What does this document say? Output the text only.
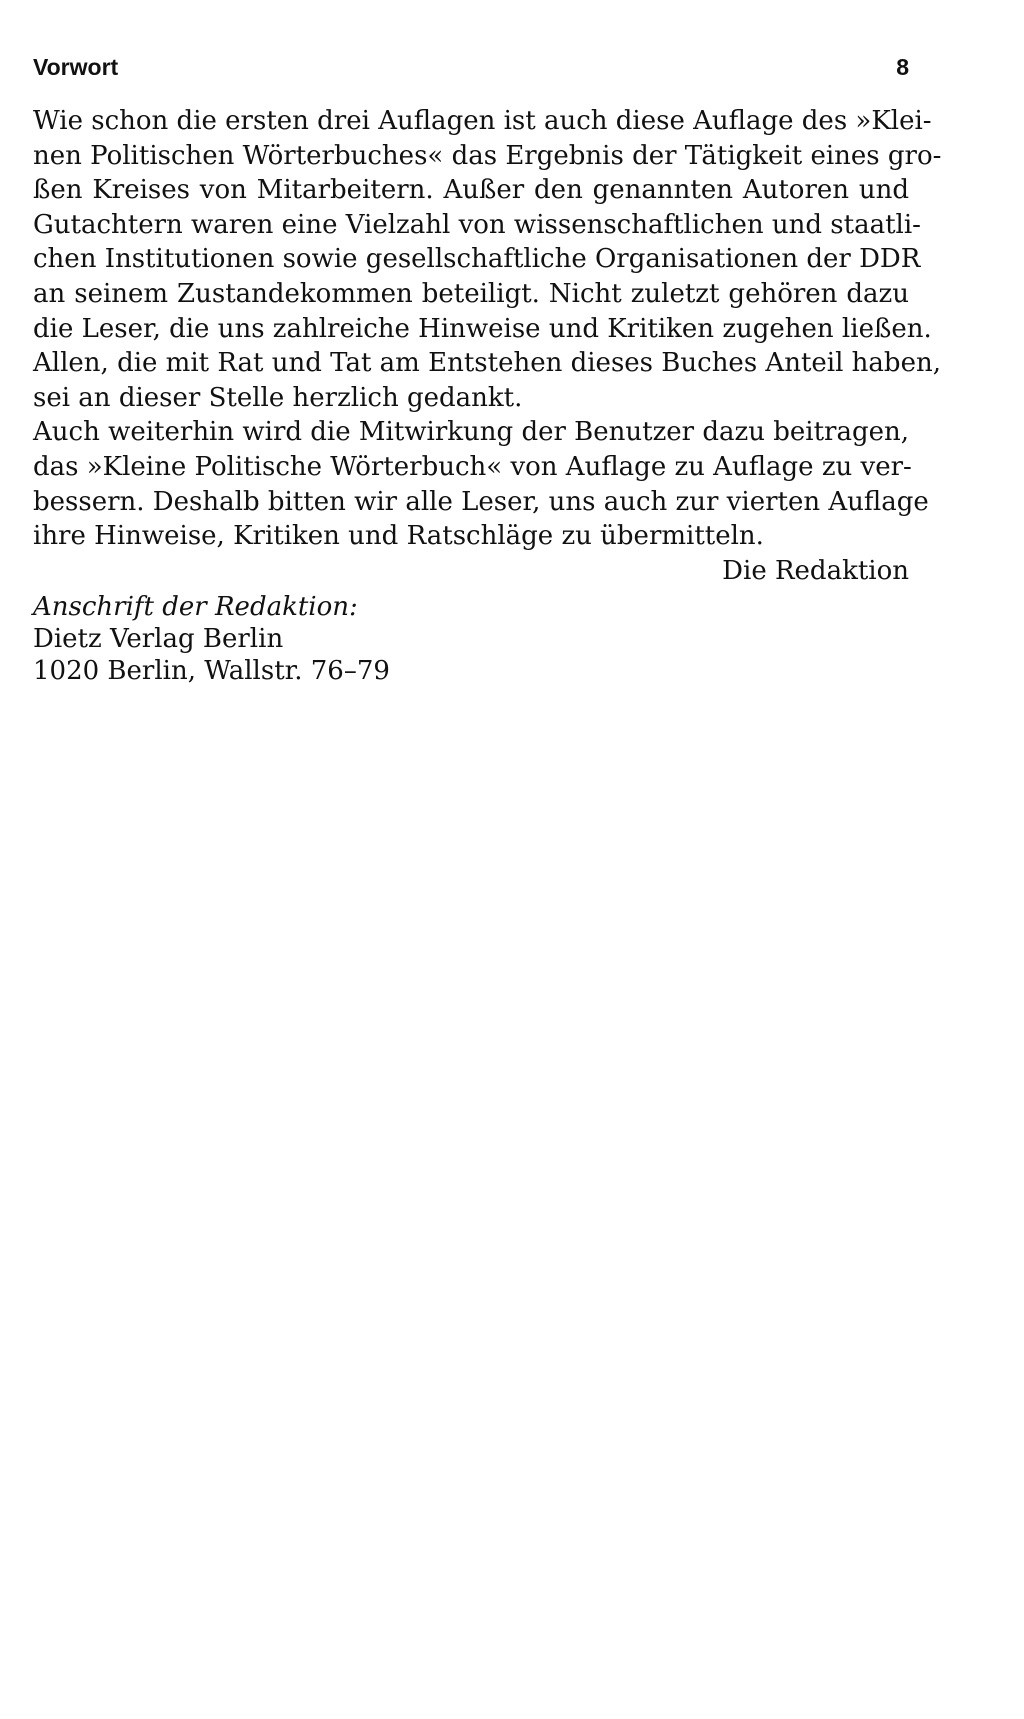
Vorwort	8
Wie schon die ersten drei Auflagen ist auch diese Auflage des »Klei-
nen Politischen Wörterbuches« das Ergebnis der Tätigkeit eines gro-
ßen Kreises von Mitarbeitern. Außer den genannten Autoren und
Gutachtern waren eine Vielzahl von wissenschaftlichen und staatli-
chen Institutionen sowie gesellschaftliche Organisationen der DDR
an seinem Zustandekommen beteiligt. Nicht zuletzt gehören dazu
die Leser, die uns zahlreiche Hinweise und Kritiken zugehen ließen.
Allen, die mit Rat und Tat am Entstehen dieses Buches Anteil haben,
sei an dieser Stelle herzlich gedankt.
Auch weiterhin wird die Mitwirkung der Benutzer dazu beitragen,
das »Kleine Politische Wörterbuch« von Auflage zu Auflage zu ver-
bessern. Deshalb bitten wir alle Leser, uns auch zur vierten Auflage
ihre Hinweise, Kritiken und Ratschläge zu übermitteln.
Die Redaktion
Anschrift der Redaktion:
Dietz Verlag Berlin
1020 Berlin, Wallstr. 76–79
